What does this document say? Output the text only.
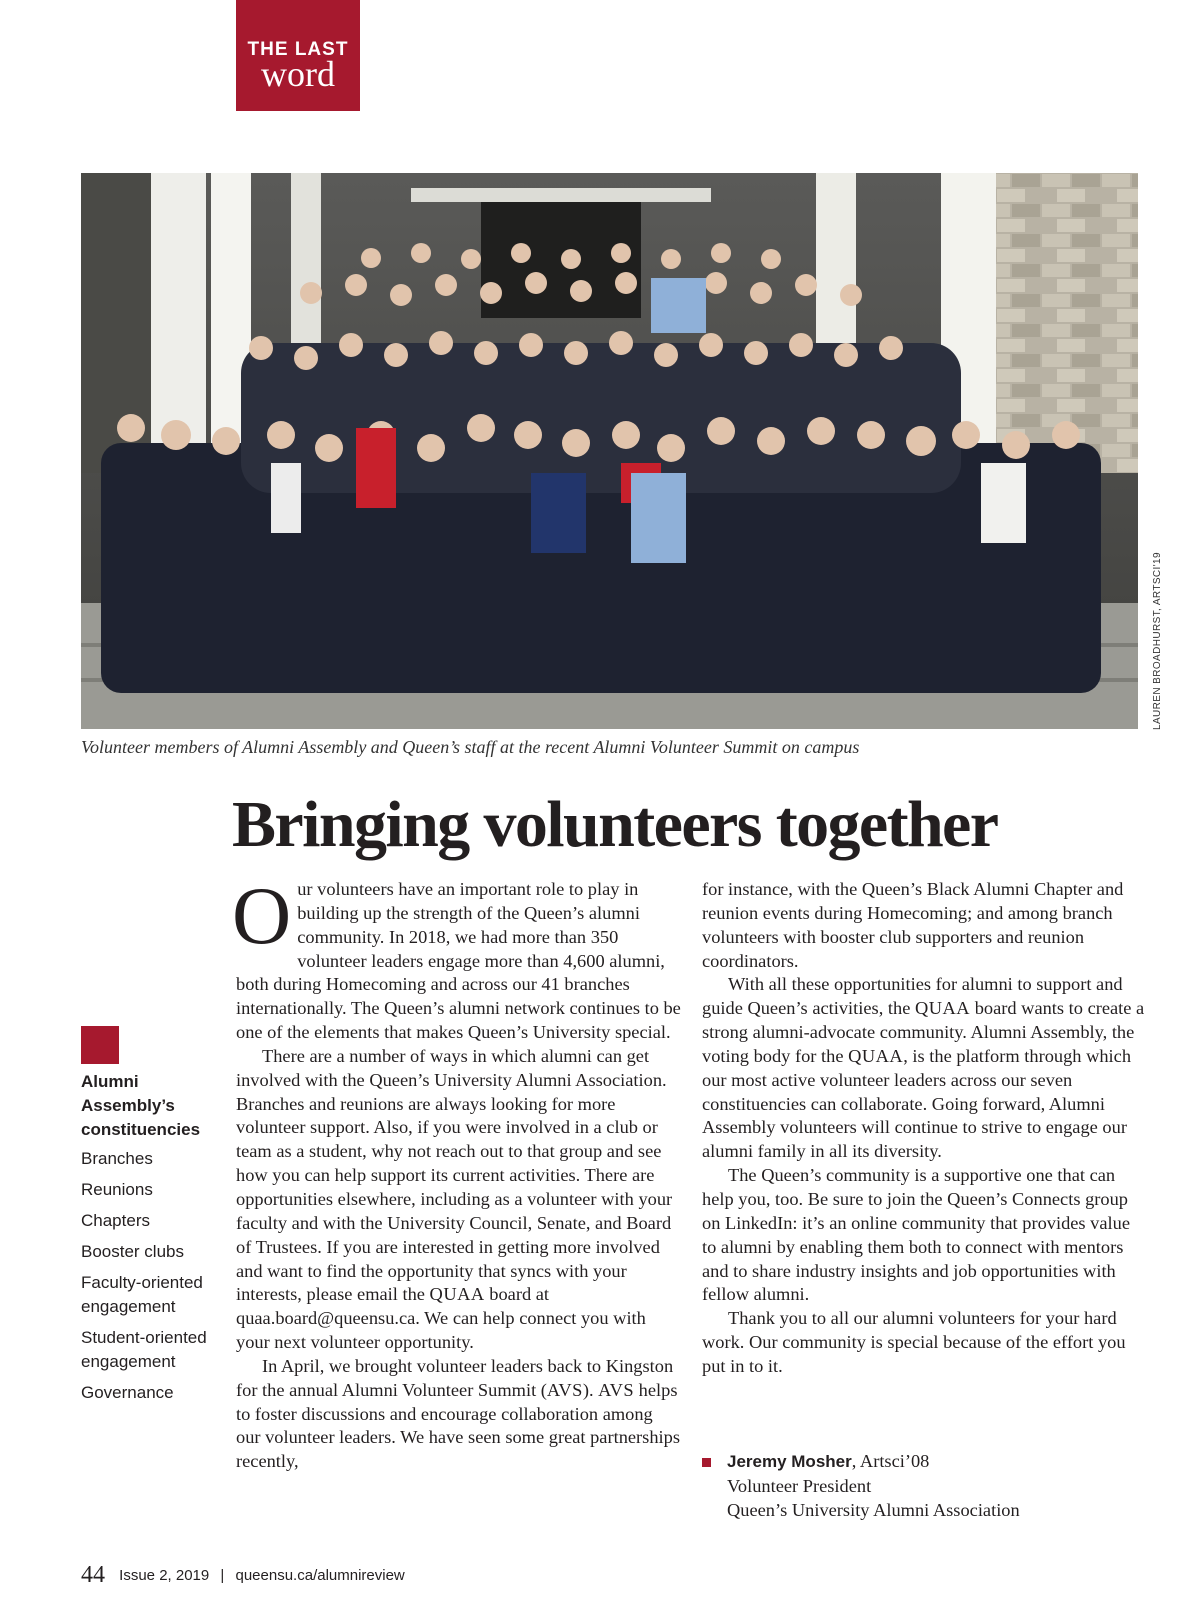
THE LAST
word
LAUREN BROADHURST, ARTSCI'19
Volunteer members of Alumni Assembly and Queen’s staff at the recent Alumni Volunteer Summit on campus
Bringing volunteers together

Our volunteers have an important role to play in building up the strength of the Queen’s alumni community. In 2018, we had more than 350 volunteer leaders engage more than 4,600 alumni, both during Homecoming and across our 41 branches internationally. The Queen’s alumni network continues to be one of the elements that makes Queen’s University special.

There are a number of ways in which alumni can get involved with the Queen’s University Alumni Association. Branches and reunions are always looking for more volunteer support. Also, if you were involved in a club or team as a student, why not reach out to that group and see how you can help support its current activities. There are opportunities elsewhere, including as a volunteer with your faculty and with the University Council, Senate, and Board of Trustees. If you are interested in getting more involved and want to find the opportunity that syncs with your interests, please email the QUAA board at quaa.board@queensu.ca. We can help connect you with your next volunteer opportunity.

In April, we brought volunteer leaders back to Kingston for the annual Alumni Volunteer Summit (AVS). AVS helps to foster discussions and encourage collaboration among our volunteer leaders. We have seen some great partnerships recently,

for instance, with the Queen’s Black Alumni Chapter and reunion events during Homecoming; and among branch volunteers with booster club supporters and reunion coordinators.

With all these opportunities for alumni to support and guide Queen’s activities, the QUAA board wants to create a strong alumni-advocate community. Alumni Assembly, the voting body for the QUAA, is the platform through which our most active volunteer leaders across our seven constituencies can collaborate. Going forward, Alumni Assembly volunteers will continue to strive to engage our alumni family in all its diversity.

The Queen’s community is a supportive one that can help you, too. Be sure to join the Queen’s Connects group on LinkedIn: it’s an online community that provides value to alumni by enabling them both to connect with mentors and to share industry insights and job opportunities with fellow alumni.

Thank you to all our alumni volunteers for your hard work. Our community is special because of the effort you put in to it.

Jeremy Mosher, Artsci’08
Volunteer President
Queen’s University Alumni Association
Alumni Assembly’s constituencies
Branches
Reunions
Chapters
Booster clubs
Faculty-oriented engagement
Student-oriented engagement
Governance
44 Issue 2, 2019 | queensu.ca/alumnireview
